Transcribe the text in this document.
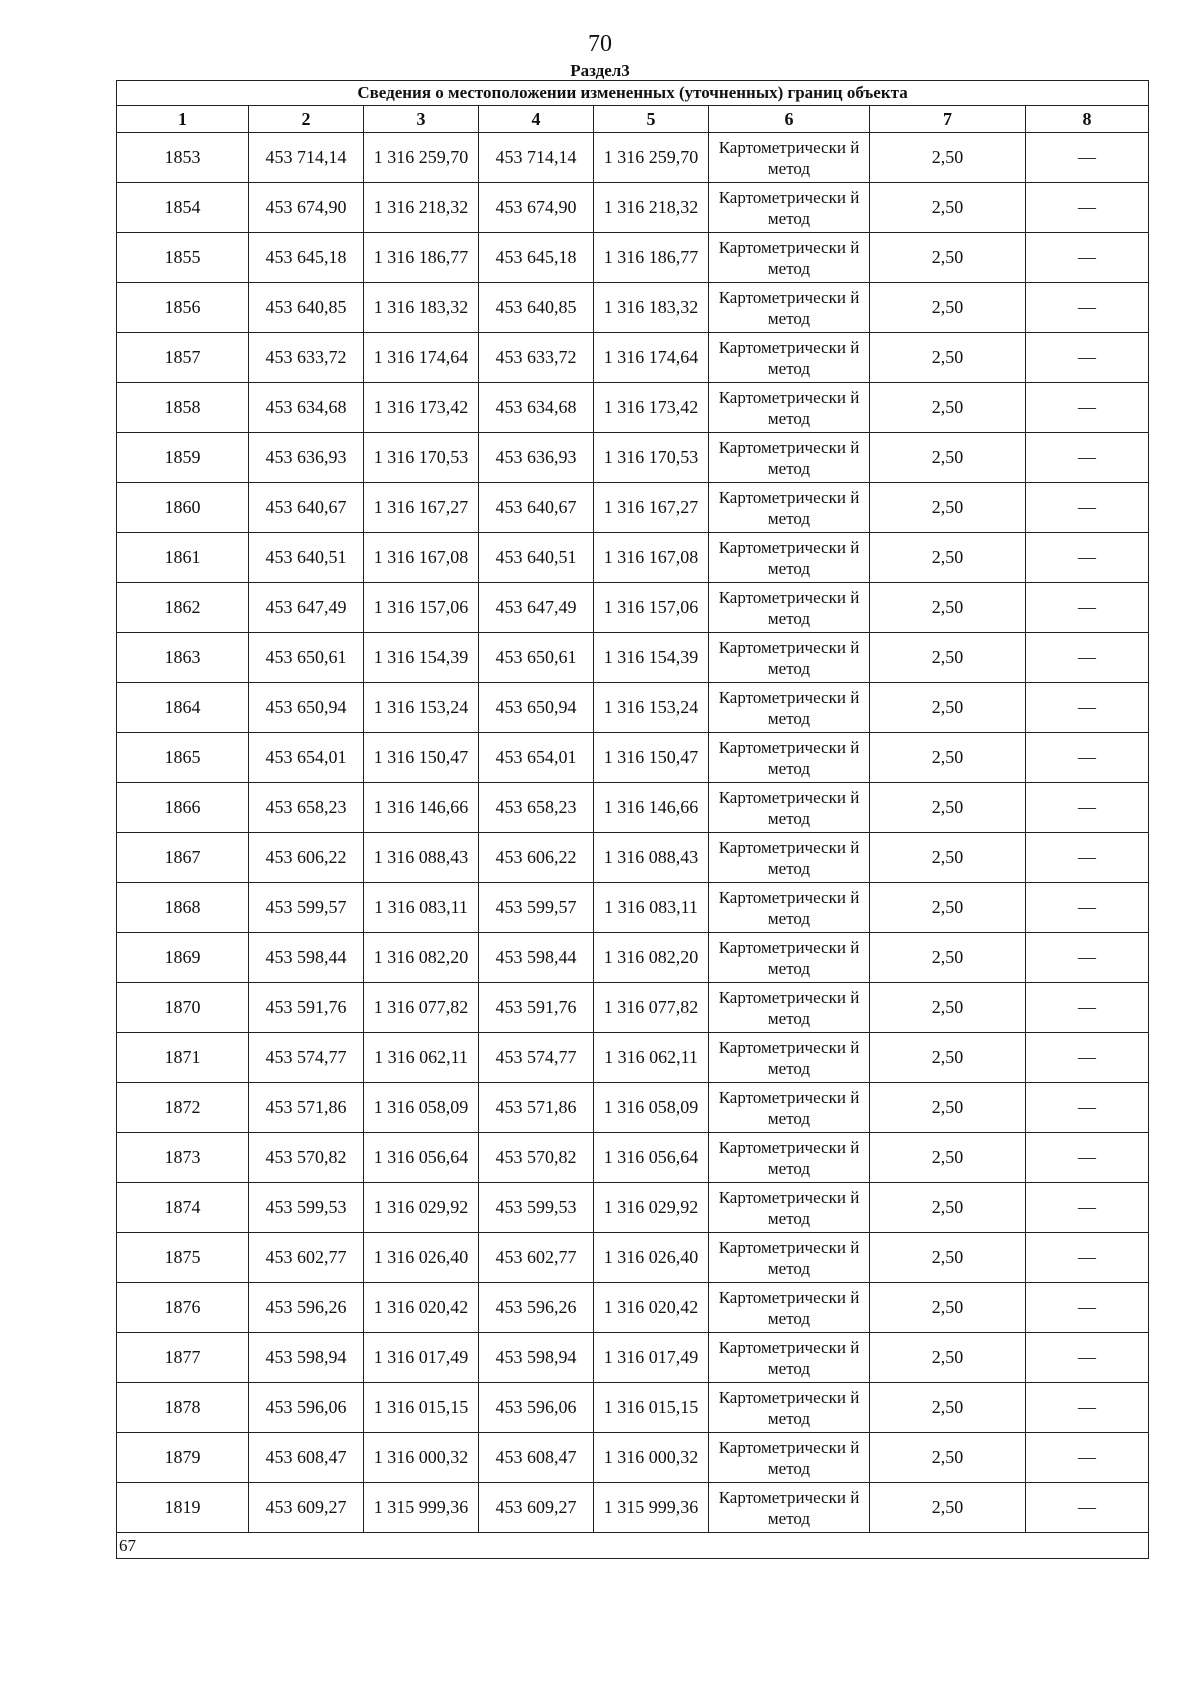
70
Раздел3
Сведения о местоположении измененных (уточненных) границ объекта							
1	2	3	4	5	6	7	8
1853	453 714,14	1 316 259,70	453 714,14	1 316 259,70	Картометрически й метод	2,50	—
1854	453 674,90	1 316 218,32	453 674,90	1 316 218,32	Картометрически й метод	2,50	—
1855	453 645,18	1 316 186,77	453 645,18	1 316 186,77	Картометрически й метод	2,50	—
1856	453 640,85	1 316 183,32	453 640,85	1 316 183,32	Картометрически й метод	2,50	—
1857	453 633,72	1 316 174,64	453 633,72	1 316 174,64	Картометрически й метод	2,50	—
1858	453 634,68	1 316 173,42	453 634,68	1 316 173,42	Картометрически й метод	2,50	—
1859	453 636,93	1 316 170,53	453 636,93	1 316 170,53	Картометрически й метод	2,50	—
1860	453 640,67	1 316 167,27	453 640,67	1 316 167,27	Картометрически й метод	2,50	—
1861	453 640,51	1 316 167,08	453 640,51	1 316 167,08	Картометрически й метод	2,50	—
1862	453 647,49	1 316 157,06	453 647,49	1 316 157,06	Картометрически й метод	2,50	—
1863	453 650,61	1 316 154,39	453 650,61	1 316 154,39	Картометрически й метод	2,50	—
1864	453 650,94	1 316 153,24	453 650,94	1 316 153,24	Картометрически й метод	2,50	—
1865	453 654,01	1 316 150,47	453 654,01	1 316 150,47	Картометрически й метод	2,50	—
1866	453 658,23	1 316 146,66	453 658,23	1 316 146,66	Картометрически й метод	2,50	—
1867	453 606,22	1 316 088,43	453 606,22	1 316 088,43	Картометрически й метод	2,50	—
1868	453 599,57	1 316 083,11	453 599,57	1 316 083,11	Картометрически й метод	2,50	—
1869	453 598,44	1 316 082,20	453 598,44	1 316 082,20	Картометрически й метод	2,50	—
1870	453 591,76	1 316 077,82	453 591,76	1 316 077,82	Картометрически й метод	2,50	—
1871	453 574,77	1 316 062,11	453 574,77	1 316 062,11	Картометрически й метод	2,50	—
1872	453 571,86	1 316 058,09	453 571,86	1 316 058,09	Картометрически й метод	2,50	—
1873	453 570,82	1 316 056,64	453 570,82	1 316 056,64	Картометрически й метод	2,50	—
1874	453 599,53	1 316 029,92	453 599,53	1 316 029,92	Картометрически й метод	2,50	—
1875	453 602,77	1 316 026,40	453 602,77	1 316 026,40	Картометрически й метод	2,50	—
1876	453 596,26	1 316 020,42	453 596,26	1 316 020,42	Картометрически й метод	2,50	—
1877	453 598,94	1 316 017,49	453 598,94	1 316 017,49	Картометрически й метод	2,50	—
1878	453 596,06	1 316 015,15	453 596,06	1 316 015,15	Картометрически й метод	2,50	—
1879	453 608,47	1 316 000,32	453 608,47	1 316 000,32	Картометрически й метод	2,50	—
1819	453 609,27	1 315 999,36	453 609,27	1 315 999,36	Картометрически й метод	2,50	—
67							
